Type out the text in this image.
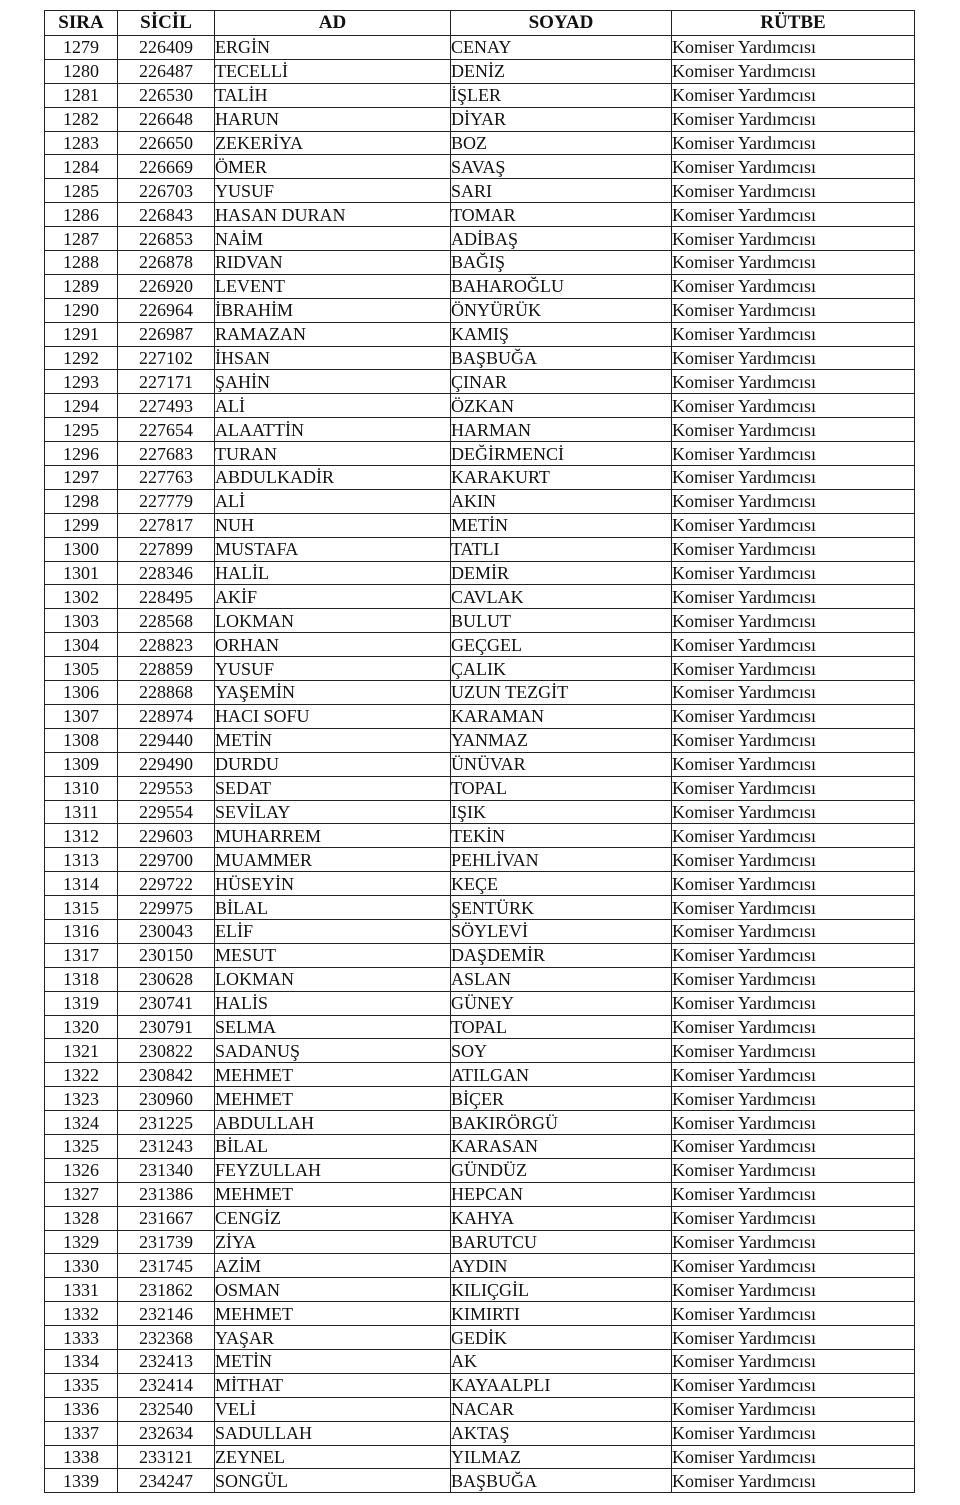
SIRA	SİCİL	AD	SOYAD	RÜTBE
1279	226409	ERGİN	CENAY	Komiser Yardımcısı
1280	226487	TECELLİ	DENİZ	Komiser Yardımcısı
1281	226530	TALİH	İŞLER	Komiser Yardımcısı
1282	226648	HARUN	DİYAR	Komiser Yardımcısı
1283	226650	ZEKERİYA	BOZ	Komiser Yardımcısı
1284	226669	ÖMER	SAVAŞ	Komiser Yardımcısı
1285	226703	YUSUF	SARI	Komiser Yardımcısı
1286	226843	HASAN DURAN	TOMAR	Komiser Yardımcısı
1287	226853	NAİM	ADİBAŞ	Komiser Yardımcısı
1288	226878	RIDVAN	BAĞIŞ	Komiser Yardımcısı
1289	226920	LEVENT	BAHAROĞLU	Komiser Yardımcısı
1290	226964	İBRAHİM	ÖNYÜRÜK	Komiser Yardımcısı
1291	226987	RAMAZAN	KAMIŞ	Komiser Yardımcısı
1292	227102	İHSAN	BAŞBUĞA	Komiser Yardımcısı
1293	227171	ŞAHİN	ÇINAR	Komiser Yardımcısı
1294	227493	ALİ	ÖZKAN	Komiser Yardımcısı
1295	227654	ALAATTİN	HARMAN	Komiser Yardımcısı
1296	227683	TURAN	DEĞİRMENCİ	Komiser Yardımcısı
1297	227763	ABDULKADİR	KARAKURT	Komiser Yardımcısı
1298	227779	ALİ	AKIN	Komiser Yardımcısı
1299	227817	NUH	METİN	Komiser Yardımcısı
1300	227899	MUSTAFA	TATLI	Komiser Yardımcısı
1301	228346	HALİL	DEMİR	Komiser Yardımcısı
1302	228495	AKİF	CAVLAK	Komiser Yardımcısı
1303	228568	LOKMAN	BULUT	Komiser Yardımcısı
1304	228823	ORHAN	GEÇGEL	Komiser Yardımcısı
1305	228859	YUSUF	ÇALIK	Komiser Yardımcısı
1306	228868	YAŞEMİN	UZUN TEZGİT	Komiser Yardımcısı
1307	228974	HACI SOFU	KARAMAN	Komiser Yardımcısı
1308	229440	METİN	YANMAZ	Komiser Yardımcısı
1309	229490	DURDU	ÜNÜVAR	Komiser Yardımcısı
1310	229553	SEDAT	TOPAL	Komiser Yardımcısı
1311	229554	SEVİLAY	IŞIK	Komiser Yardımcısı
1312	229603	MUHARREM	TEKİN	Komiser Yardımcısı
1313	229700	MUAMMER	PEHLİVAN	Komiser Yardımcısı
1314	229722	HÜSEYİN	KEÇE	Komiser Yardımcısı
1315	229975	BİLAL	ŞENTÜRK	Komiser Yardımcısı
1316	230043	ELİF	SÖYLEVİ	Komiser Yardımcısı
1317	230150	MESUT	DAŞDEMİR	Komiser Yardımcısı
1318	230628	LOKMAN	ASLAN	Komiser Yardımcısı
1319	230741	HALİS	GÜNEY	Komiser Yardımcısı
1320	230791	SELMA	TOPAL	Komiser Yardımcısı
1321	230822	SADANUŞ	SOY	Komiser Yardımcısı
1322	230842	MEHMET	ATILGAN	Komiser Yardımcısı
1323	230960	MEHMET	BİÇER	Komiser Yardımcısı
1324	231225	ABDULLAH	BAKIRÖRGÜ	Komiser Yardımcısı
1325	231243	BİLAL	KARASAN	Komiser Yardımcısı
1326	231340	FEYZULLAH	GÜNDÜZ	Komiser Yardımcısı
1327	231386	MEHMET	HEPCAN	Komiser Yardımcısı
1328	231667	CENGİZ	KAHYA	Komiser Yardımcısı
1329	231739	ZİYA	BARUTCU	Komiser Yardımcısı
1330	231745	AZİM	AYDIN	Komiser Yardımcısı
1331	231862	OSMAN	KILIÇGİL	Komiser Yardımcısı
1332	232146	MEHMET	KIMIRTI	Komiser Yardımcısı
1333	232368	YAŞAR	GEDİK	Komiser Yardımcısı
1334	232413	METİN	AK	Komiser Yardımcısı
1335	232414	MİTHAT	KAYAALPLI	Komiser Yardımcısı
1336	232540	VELİ	NACAR	Komiser Yardımcısı
1337	232634	SADULLAH	AKTAŞ	Komiser Yardımcısı
1338	233121	ZEYNEL	YILMAZ	Komiser Yardımcısı
1339	234247	SONGÜL	BAŞBUĞA	Komiser Yardımcısı
